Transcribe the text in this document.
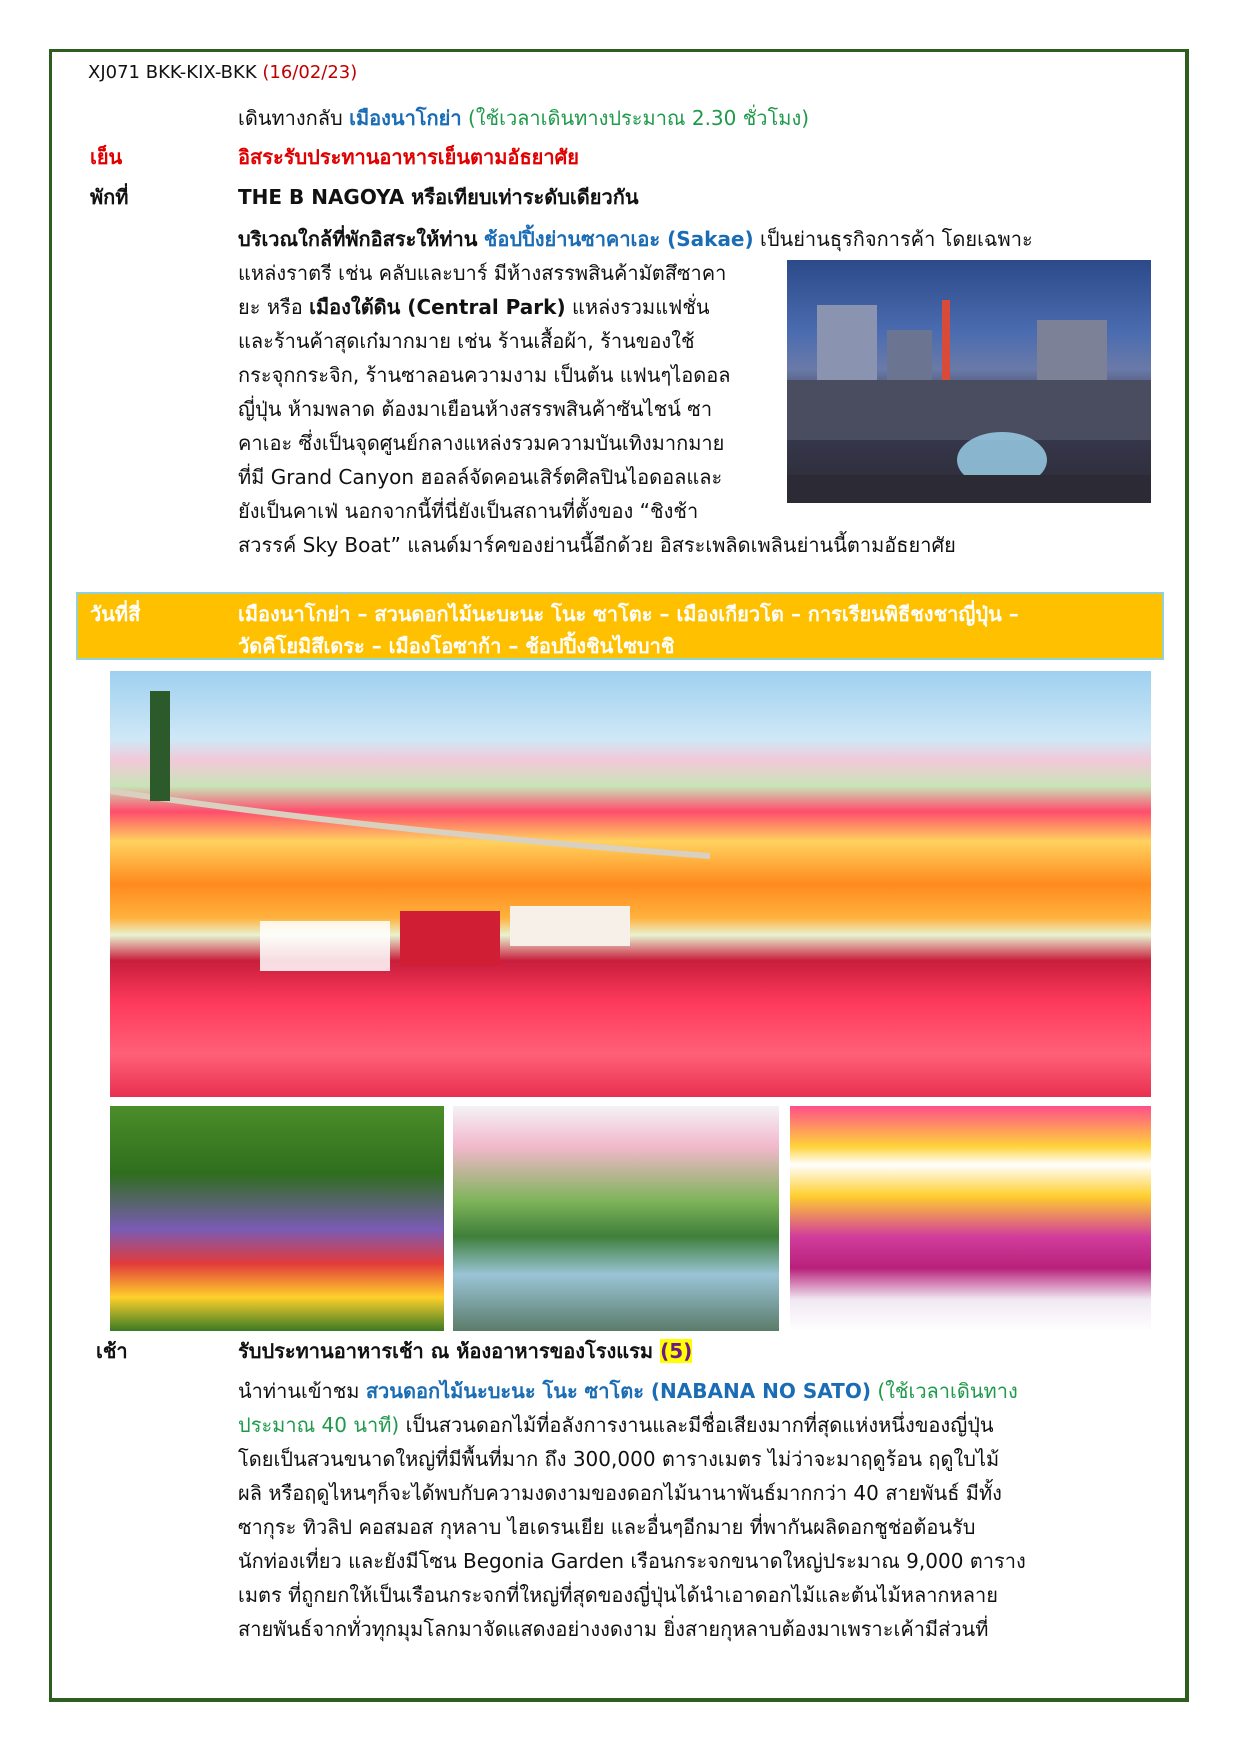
XJ071 BKK-KIX-BKK (16/02/23)
เดินทางกลับ เมืองนาโกย่า (ใช้เวลาเดินทางประมาณ 2.30 ชั่วโมง)
เย็น	อิสระรับประทานอาหารเย็นตามอัธยาศัย
พักที่	THE B NAGOYA หรือเทียบเท่าระดับเดียวกัน
บริเวณใกล้ที่พักอิสระให้ท่าน ช้อปปิ้งย่านซาคาเอะ (Sakae) เป็นย่านธุรกิจการค้า โดยเฉพาะ
แหล่งราตรี เช่น คลับและบาร์ มีห้างสรรพสินค้ามัตสึซาคา
ยะ หรือ เมืองใต้ดิน (Central Park) แหล่งรวมแฟชั่น
และร้านค้าสุดเก๋มากมาย เช่น ร้านเสื้อผ้า, ร้านของใช้
กระจุกกระจิก, ร้านซาลอนความงาม เป็นต้น แฟนๆไอดอล
ญี่ปุ่น ห้ามพลาด ต้องมาเยือนห้างสรรพสินค้าซันไชน์ ซา
คาเอะ ซึ่งเป็นจุดศูนย์กลางแหล่งรวมความบันเทิงมากมาย
ที่มี Grand Canyon ฮอลล์จัดคอนเสิร์ตศิลปินไอดอลและ
ยังเป็นคาเฟ่ นอกจากนี้ที่นี่ยังเป็นสถานที่ตั้งของ “ชิงช้า
สวรรค์ Sky Boat” แลนด์มาร์คของย่านนี้อีกด้วย อิสระเพลิดเพลินย่านนี้ตามอัธยาศัย
วันที่สี่	เมืองนาโกย่า – สวนดอกไม้นะบะนะ โนะ ซาโตะ – เมืองเกียวโต – การเรียนพิธีชงชาญี่ปุ่น –
วัดคิโยมิสึเดระ – เมืองโอซาก้า – ช้อปปิ้งชินไซบาชิ
เช้า	รับประทานอาหารเช้า ณ ห้องอาหารของโรงแรม (5)
นำท่านเข้าชม สวนดอกไม้นะบะนะ โนะ ซาโตะ (NABANA NO SATO) (ใช้เวลาเดินทาง
ประมาณ 40 นาที) เป็นสวนดอกไม้ที่อลังการงานและมีชื่อเสียงมากที่สุดแห่งหนึ่งของญี่ปุ่น
โดยเป็นสวนขนาดใหญ่ที่มีพื้นที่มาก ถึง 300,000 ตารางเมตร ไม่ว่าจะมาฤดูร้อน ฤดูใบไม้
ผลิ หรือฤดูไหนๆก็จะได้พบกับความงดงามของดอกไม้นานาพันธ์มากกว่า 40 สายพันธ์ มีทั้ง
ซากุระ ทิวลิป คอสมอส กุหลาบ ไฮเดรนเยีย และอื่นๆอีกมาย ที่พากันผลิดอกชูช่อต้อนรับ
นักท่องเที่ยว และยังมีโซน Begonia Garden เรือนกระจกขนาดใหญ่ประมาณ 9,000 ตาราง
เมตร ที่ถูกยกให้เป็นเรือนกระจกที่ใหญ่ที่สุดของญี่ปุ่นได้นำเอาดอกไม้และต้นไม้หลากหลาย
สายพันธ์จากทั่วทุกมุมโลกมาจัดแสดงอย่างงดงาม ยิ่งสายกุหลาบต้องมาเพราะเค้ามีส่วนที่
